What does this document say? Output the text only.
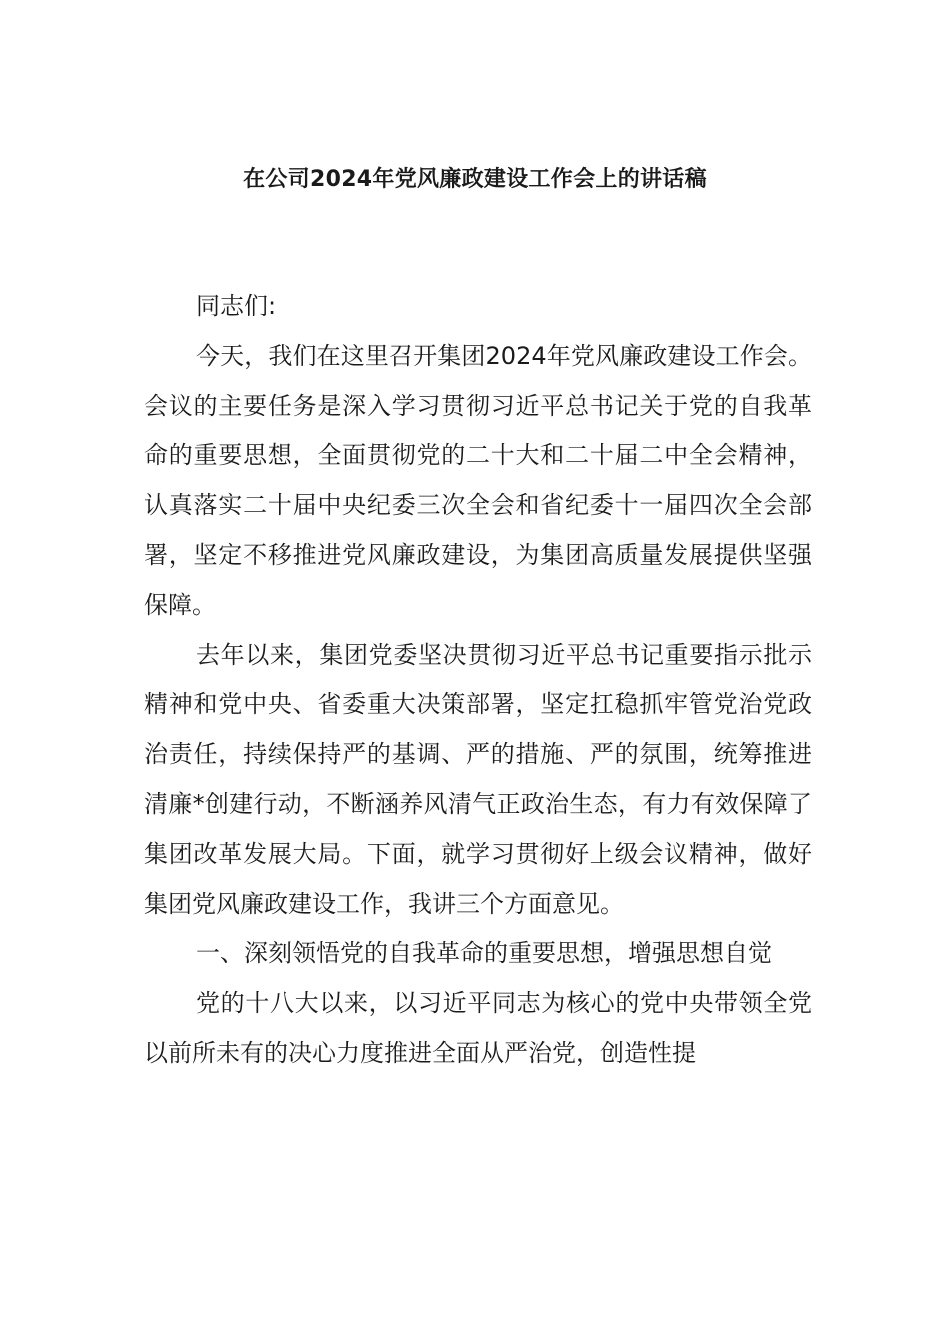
在公司2024年党风廉政建设工作会上的讲话稿

同志们:

今天，我们在这里召开集团2024年党风廉政建设工作会。会议的主要任务是深入学习贯彻习近平总书记关于党的自我革命的重要思想，全面贯彻党的二十大和二十届二中全会精神，认真落实二十届中央纪委三次全会和省纪委十一届四次全会部署，坚定不移推进党风廉政建设，为集团高质量发展提供坚强保障。

去年以来，集团党委坚决贯彻习近平总书记重要指示批示精神和党中央、省委重大决策部署，坚定扛稳抓牢管党治党政治责任，持续保持严的基调、严的措施、严的氛围，统筹推进清廉*创建行动，不断涵养风清气正政治生态，有力有效保障了集团改革发展大局。下面，就学习贯彻好上级会议精神，做好集团党风廉政建设工作，我讲三个方面意见。

一、深刻领悟党的自我革命的重要思想，增强思想自觉

党的十八大以来，以习近平同志为核心的党中央带领全党以前所未有的决心力度推进全面从严治党，创造性提
